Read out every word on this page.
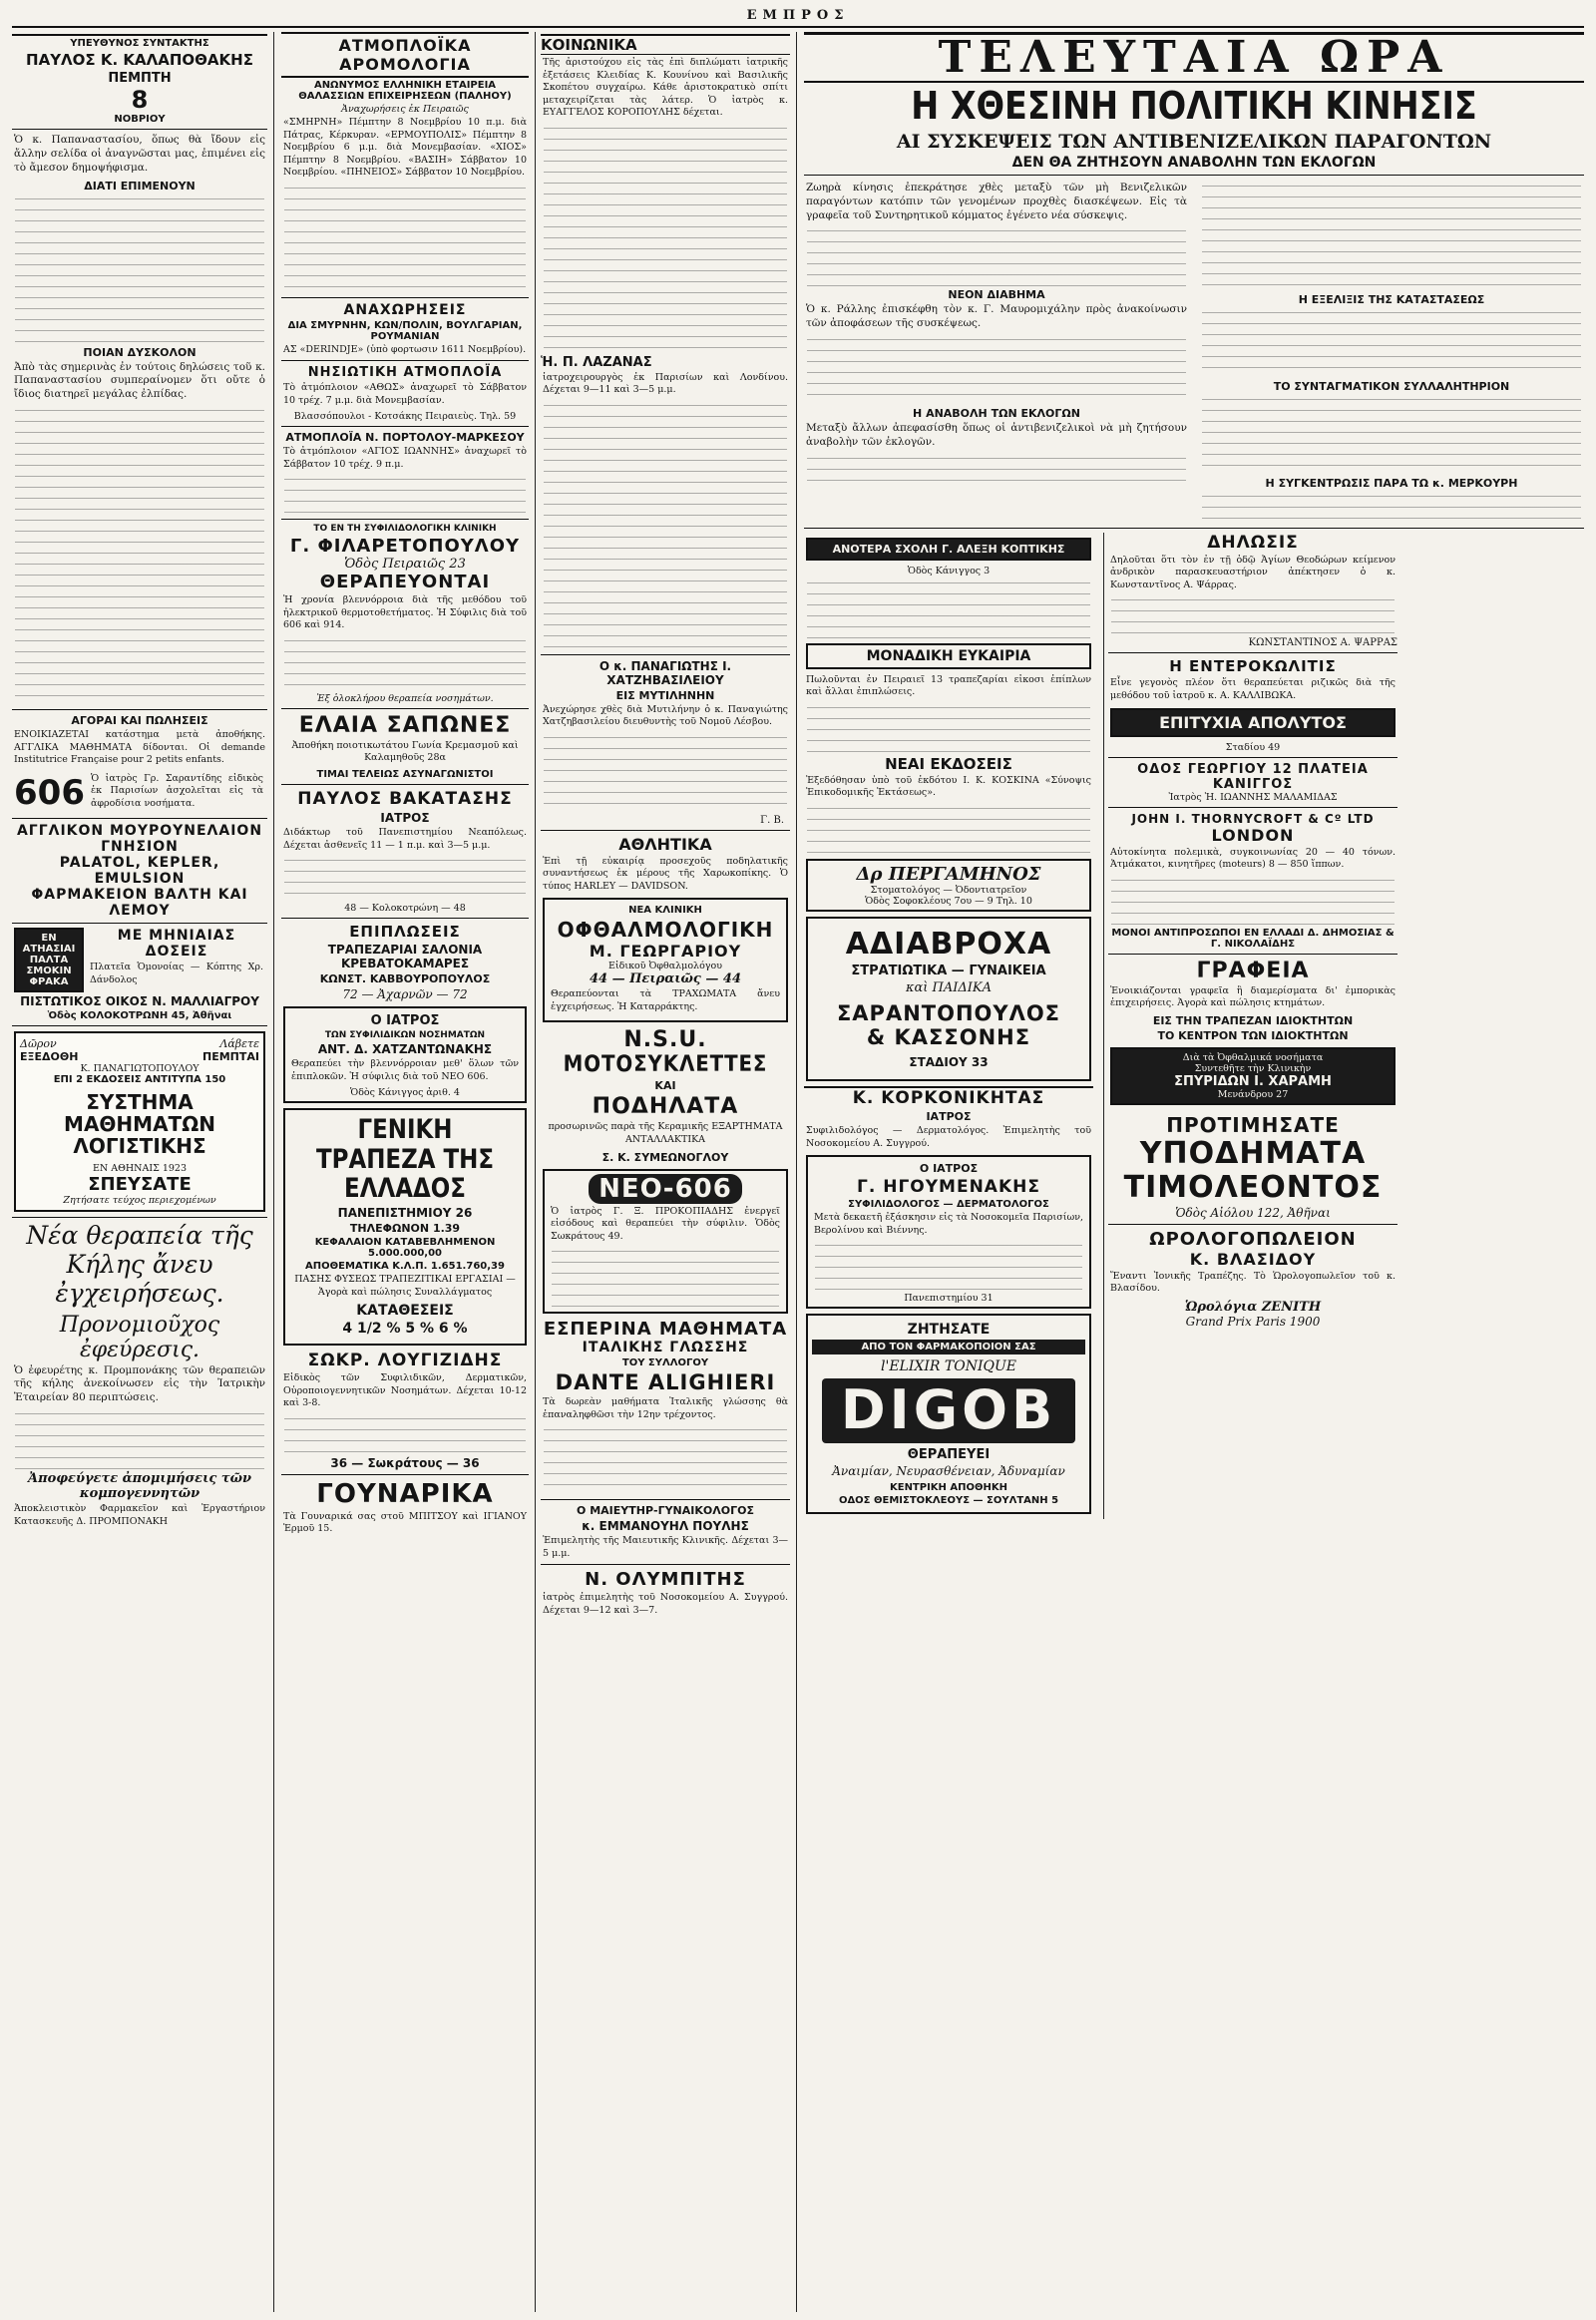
ΕΜΠΡΟΣ
ΥΠΕΥΘΥΝΟΣ ΣΥΝΤΑΚΤΗΣ
ΠΑΥΛΟΣ Κ. ΚΑΛΑΠΟΘΑΚΗΣ
ΠΕΜΠΤΗ
8
ΝΟΒΡΙΟΥ

Ὁ κ. Παπαναστασίου, ὅπως θὰ ἴδουν εἰς ἄλλην σελίδα οἱ ἀναγνῶσται μας, ἐπιμένει εἰς τὸ ἄμεσον δημοψήφισμα.

ΔΙΑΤΙ ΕΠΙΜΕΝΟΥΝ
ΠΟΙΑΝ ΔΥΣΚΟΛΟΝ

Ἀπὸ τὰς σημερινὰς ἐν τούτοις δηλώσεις τοῦ κ. Παπαναστασίου συμπεραίνομεν ὅτι οὔτε ὁ ἴδιος διατηρεῖ μεγάλας ἐλπίδας.

ΑΓΟΡΑΙ ΚΑΙ ΠΩΛΗΣΕΙΣ

ΕΝΟΙΚΙΑΖΕΤΑΙ κατάστημα μετὰ ἀποθήκης. ΑΓΓΛΙΚΑ ΜΑΘΗΜΑΤΑ δίδονται. Οἱ demande Institutrice Française pour 2 petits enfants.

606 Ὁ ἰατρὸς Γρ. Σαραντίδης εἰδικὸς ἐκ Παρισίων ἀσχολεῖται εἰς τὰ ἀφροδίσια νοσήματα.
ΑΓΓΛΙΚΟΝ ΜΟΥΡΟΥΝΕΛΑΙΟΝ ΓΝΗΣΙΟΝ
PALATOL, KEPLER, EMULSION
ΦΑΡΜΑΚΕΙΟΝ ΒΑΛΤΗ ΚΑΙ ΛΕΜΟΥ
ΕΝ ΑΤΗΑΣΙΑΙ ΠΑΛΤΑ ΣΜΟΚΙΝ ΦΡΑΚΑ
ΜΕ ΜΗΝΙΑΙΑΣ ΔΟΣΕΙΣ
Πλατεῖα Ὁμονοίας — Κόπτης Χρ. Δάνδολος
ΠΙΣΤΩΤΙΚΟΣ ΟΙΚΟΣ Ν. ΜΑΛΛΙΑΓΡΟΥ
Ὁδὸς ΚΟΛΟΚΟΤΡΩΝΗ 45, Ἀθῆναι
Δῶρον	Λάβετε
ΕΞΕΔΟΘΗ	ΠΕΜΠΤΑΙ
Κ. ΠΑΝΑΓΙΩΤΟΠΟΥΛΟΥ
ΕΠΙ 2 ΕΚΔΟΣΕΙΣ ΑΝΤΙΤΥΠΑ 150
ΣΥΣΤΗΜΑ ΜΑΘΗΜΑΤΩΝ ΛΟΓΙΣΤΙΚΗΣ
ΕΝ ΑΘΗΝΑΙΣ 1923
ΣΠΕΥΣΑΤΕ
Ζητήσατε τεύχος περιεχομένων
Νέα θεραπεία τῆς Κήλης ἄνευ ἐγχειρήσεως.
Προνομιοῦχος ἐφεύρεσις.

Ὁ ἐφευρέτης κ. Προμπονάκης τῶν θεραπειῶν τῆς κήλης ἀνεκοίνωσεν εἰς τὴν Ἰατρικὴν Ἑταιρείαν 80 περιπτώσεις.

Ἀποφεύγετε ἀπομιμήσεις τῶν κομπογεννητῶν

Ἀποκλειστικὸν Φαρμακεῖον καὶ Ἐργαστήριον Κατασκευῆς Δ. ΠΡΟΜΠΟΝΑΚΗ

ΑΤΜΟΠΛΟΪΚΑ ΑΡΟΜΟΛΟΓΙΑ
ΑΝΩΝΥΜΟΣ ΕΛΛΗΝΙΚΗ ΕΤΑΙΡΕΙΑ ΘΑΛΑΣΣΙΩΝ ΕΠΙΧΕΙΡΗΣΕΩΝ (ΠΑΛΗΟΥ)
Ἀναχωρήσεις ἐκ Πειραιῶς

«ΣΜΗΡΝΗ» Πέμπτην 8 Νοεμβρίου 10 π.μ. διὰ Πάτρας, Κέρκυραν. «ΕΡΜΟΥΠΟΛΙΣ» Πέμπτην 8 Νοεμβρίου 6 μ.μ. διὰ Μονεμβασίαν. «ΧΙΟΣ» Πέμπτην 8 Νοεμβρίου. «ΒΑΣΙΗ» Σάββατον 10 Νοεμβρίου. «ΠΗΝΕΙΟΣ» Σάββατον 10 Νοεμβρίου.

ΑΝΑΧΩΡΗΣΕΙΣ
ΔΙΑ ΣΜΥΡΝΗΝ, ΚΩΝ/ΠΟΛΙΝ, ΒΟΥΛΓΑΡΙΑΝ, ΡΟΥΜΑΝΙΑΝ

ΑΣ «DERINDJE» (ὑπὸ φορτωσιν 1611 Νοεμβρίου).

ΝΗΣΙΩΤΙΚΗ ΑΤΜΟΠΛΟΪΑ

Τὸ ἀτμόπλοιον «ΑΘΩΣ» ἀναχωρεῖ τὸ Σάββατον 10 τρέχ. 7 μ.μ. διὰ Μονεμβασίαν.

Βλασσόπουλοι - Κοτσάκης Πειραιεὺς. Τηλ. 59
ΑΤΜΟΠΛΟΪΑ Ν. ΠΟΡΤΟΛΟΥ-ΜΑΡΚΕΣΟΥ

Τὸ ἀτμόπλοιον «ΑΓΙΟΣ ΙΩΑΝΝΗΣ» ἀναχωρεῖ τὸ Σάββατον 10 τρέχ. 9 π.μ.

ΤΟ ΕΝ ΤΗ ΣΥΦΙΛΙΔΟΛΟΓΙΚΗ ΚΛΙΝΙΚΗ
Γ. ΦΙΛΑΡΕΤΟΠΟΥΛΟΥ
Ὁδὸς Πειραιῶς 23
ΘΕΡΑΠΕΥΟΝΤΑΙ

Ἡ χρονία βλεννόρροια διὰ τῆς μεθόδου τοῦ ἠλεκτρικοῦ θερμοτοθετήματος. Ἡ Σύφιλις διὰ τοῦ 606 καὶ 914.

Ἐξ ὁλοκλήρου θεραπεία νοσημάτων.
ΕΛΑΙΑ ΣΑΠΩΝΕΣ

Ἀποθήκη ποιοτικωτάτου Γωνία Κρεμασμοῦ καὶ Καλαμηθοῦς 28α

ΤΙΜΑΙ ΤΕΛΕΙΩΣ ΑΣΥΝΑΓΩΝΙΣΤΟΙ
ΠΑΥΛΟΣ ΒΑΚΑΤΑΣΗΣ
ΙΑΤΡΟΣ

Διδάκτωρ τοῦ Πανεπιστημίου Νεαπόλεως. Δέχεται ἀσθενεῖς 11 — 1 π.μ. καὶ 3—5 μ.μ.

48 — Κολοκοτρώνη — 48
ΕΠΙΠΛΩΣΕΙΣ
ΤΡΑΠΕΖΑΡΙΑΙ ΣΑΛΟΝΙΑ ΚΡΕΒΑΤΟΚΑΜΑΡΕΣ
ΚΩΝΣΤ. ΚΑΒΒΟΥΡΟΠΟΥΛΟΣ
72 — Ἀχαρνῶν — 72
Ο ΙΑΤΡΟΣ
ΤΩΝ ΣΥΦΙΛΙΔΙΚΩΝ ΝΟΣΗΜΑΤΩΝ
ΑΝΤ. Δ. ΧΑΤΖΑΝΤΩΝΑΚΗΣ

Θεραπεύει τὴν βλεννόρροιαν μεθ' ὅλων τῶν ἐπιπλοκῶν. Ἡ σύφιλις διὰ τοῦ ΝΕΟ 606.

Ὁδὸς Κάνιγγος ἀριθ. 4
ΓΕΝΙΚΗ ΤΡΑΠΕΖΑ ΤΗΣ ΕΛΛΑΔΟΣ
ΠΑΝΕΠΙΣΤΗΜΙΟΥ 26
ΤΗΛΕΦΩΝΟΝ 1.39
ΚΕΦΑΛΑΙΟΝ ΚΑΤΑΒΕΒΛΗΜΕΝΟΝ 5.000.000,00
ΑΠΟΘΕΜΑΤΙΚΑ Κ.Λ.Π. 1.651.760,39
ΠΑΣΗΣ ΦΥΣΕΩΣ ΤΡΑΠΕΖΙΤΙΚΑΙ ΕΡΓΑΣΙΑΙ — Ἀγορὰ καὶ πώλησις Συναλλάγματος
ΚΑΤΑΘΕΣΕΙΣ
4 1/2 % 5 % 6 %
ΣΩΚΡ. ΛΟΥΓΙΖΙΔΗΣ

Εἰδικὸς τῶν Συφιλιδικῶν, Δερματικῶν, Οὐροποιογεννητικῶν Νοσημάτων. Δέχεται 10-12 καὶ 3-8.

36 — Σωκράτους — 36
ΓΟΥΝΑΡΙΚΑ

Τὰ Γουναρικά σας στοῦ ΜΠΙΤΣΟΥ καὶ ΙΓΙΑΝΟΥ Ἑρμοῦ 15.

ΚΟΙΝΩΝΙΚΑ

Τῆς ἀριστούχου εἰς τὰς ἐπὶ διπλώματι ἰατρικῆς ἐξετάσεις Κλειδίας Κ. Κουνίνου καὶ Βασιλικῆς Σκοπέτου συγχαίρω. Κάθε ἀριστοκρατικὸ σπίτι μεταχειρίζεται τὰς λάτερ. Ὁ ἰατρὸς κ. ΕΥΑΓΓΕΛΟΣ ΚΟΡΟΠΟΥΛΗΣ δέχεται.

Ἡ. Π. ΛΑΖΑΝΑΣ

ἰατροχειρουργὸς ἐκ Παρισίων καὶ Λονδίνου. Δέχεται 9—11 καὶ 3—5 μ.μ.

Ο κ. ΠΑΝΑΓΙΩΤΗΣ Ι. ΧΑΤΖΗΒΑΣΙΛΕΙΟΥ
ΕΙΣ ΜΥΤΙΛΗΝΗΝ

Ἀνεχώρησε χθὲς διὰ Μυτιλήνην ὁ κ. Παναγιώτης Χατζηβασιλείου διευθυντὴς τοῦ Νομοῦ Λέσβου.

Γ. Β.
ΑΘΛΗΤΙΚΑ

Ἐπὶ τῇ εὐκαιρίᾳ προσεχοῦς ποδηλατικῆς συναντήσεως ἐκ μέρους τῆς Χαρωκοπίκης. Ὁ τύπος HARLEY — DAVIDSON.

ΝΕΑ ΚΛΙΝΙΚΗ
ΟΦΘΑΛΜΟΛΟΓΙΚΗ
Μ. ΓΕΩΡΓΑΡΙΟΥ
Εἰδικοῦ Ὀφθαλμολόγου
44 — Πειραιῶς — 44

Θεραπεύονται τὰ ΤΡΑΧΩΜΑΤΑ ἄνευ ἐγχειρήσεως. Ἡ Καταρράκτης.

N.S.U.
ΜΟΤΟΣΥΚΛΕΤΤΕΣ
ΚΑΙ
ΠΟΔΗΛΑΤΑ

προσωρινῶς παρὰ τῆς Κεραμικῆς ΕΞΑΡΤΗΜΑΤΑ ΑΝΤΑΛΛΑΚΤΙΚΑ

Σ. Κ. ΣΥΜΕΩΝΟΓΛΟΥ
ΝΕΟ-606

Ὁ ἰατρὸς Γ. Ξ. ΠΡΟΚΟΠΙΑΔΗΣ ἐνεργεῖ εἰσόδους καὶ θεραπεύει τὴν σύφιλιν. Ὁδὸς Σωκράτους 49.

ΕΣΠΕΡΙΝΑ ΜΑΘΗΜΑΤΑ
ΙΤΑΛΙΚΗΣ ΓΛΩΣΣΗΣ
ΤΟΥ ΣΥΛΛΟΓΟΥ
DANTE ALIGHIERI

Τὰ δωρεὰν μαθήματα Ἰταλικῆς γλώσσης θὰ ἐπαναληφθῶσι τὴν 12ην τρέχοντος.

Ο ΜΑΙΕΥΤΗΡ-ΓΥΝΑΙΚΟΛΟΓΟΣ
κ. ΕΜΜΑΝΟΥΗΛ ΠΟΥΛΗΣ

Ἐπιμελητὴς τῆς Μαιευτικῆς Κλινικῆς. Δέχεται 3—5 μ.μ.

Ν. ΟΛΥΜΠΙΤΗΣ

ἰατρὸς ἐπιμελητὴς τοῦ Νοσοκομείου Α. Συγγρού. Δέχεται 9—12 καὶ 3—7.

ΤΕΛΕΥΤΑΙΑ ΩΡΑ
Η ΧΘΕΣΙΝΗ ΠΟΛΙΤΙΚΗ ΚΙΝΗΣΙΣ
ΑΙ ΣΥΣΚΕΨΕΙΣ ΤΩΝ ΑΝΤΙΒΕΝΙΖΕΛΙΚΩΝ ΠΑΡΑΓΟΝΤΩΝ
ΔΕΝ ΘΑ ΖΗΤΗΣΟΥΝ ΑΝΑΒΟΛΗΝ ΤΩΝ ΕΚΛΟΓΩΝ

Ζωηρὰ κίνησις ἐπεκράτησε χθὲς μεταξὺ τῶν μὴ Βενιζελικῶν παραγόντων κατόπιν τῶν γενομένων προχθὲς διασκέψεων. Εἰς τὰ γραφεῖα τοῦ Συντηρητικοῦ κόμματος ἐγένετο νέα σύσκεψις.

ΝΕΟΝ ΔΙΑΒΗΜΑ

Ὁ κ. Ράλλης ἐπισκέφθη τὸν κ. Γ. Μαυρομιχάλην πρὸς ἀνακοίνωσιν τῶν ἀποφάσεων τῆς συσκέψεως.

Η ΑΝΑΒΟΛΗ ΤΩΝ ΕΚΛΟΓΩΝ

Μεταξὺ ἄλλων ἀπεφασίσθη ὅπως οἱ ἀντιβενιζελικοὶ νὰ μὴ ζητήσουν ἀναβολὴν τῶν ἐκλογῶν.

Η ΕΞΕΛΙΞΙΣ ΤΗΣ ΚΑΤΑΣΤΑΣΕΩΣ
ΤΟ ΣΥΝΤΑΓΜΑΤΙΚΟΝ ΣΥΛΛΑΛΗΤΗΡΙΟΝ
Η ΣΥΓΚΕΝΤΡΩΣΙΣ ΠΑΡΑ ΤΩ κ. ΜΕΡΚΟΥΡΗ
ΑΝΟΤΕΡΑ ΣΧΟΛΗ Γ. ΑΛΕΞΗ ΚΟΠΤΙΚΗΣ
Ὁδὸς Κάνιγγος 3
ΜΟΝΑΔΙΚΗ ΕΥΚΑΙΡΙΑ

Πωλοῦνται ἐν Πειραιεῖ 13 τραπεζαρίαι εἰκοσι ἐπίπλων καὶ ἄλλαι ἐπιπλώσεις.

ΝΕΑΙ ΕΚΔΟΣΕΙΣ

Ἐξεδόθησαν ὑπὸ τοῦ ἐκδότου Ι. Κ. ΚΟΣΚΙΝΑ «Σύνοψις Ἐπικοδομικῆς Ἐκτάσεως».

Δρ ΠΕΡΓΑΜΗΝΟΣ
Στοματολόγος — Ὀδοντιατρεῖον
Ὁδὸς Σοφοκλέους 7ου — 9 Τηλ. 10
ΑΔΙΑΒΡΟΧΑ
ΣΤΡΑΤΙΩΤΙΚΑ — ΓΥΝΑΙΚΕΙΑ
καὶ ΠΑΙΔΙΚΑ
ΣΑΡΑΝΤΟΠΟΥΛΟΣ
& ΚΑΣΣΟΝΗΣ
ΣΤΑΔΙΟΥ 33
Κ. ΚΟΡΚΟΝΙΚΗΤΑΣ
ΙΑΤΡΟΣ

Συφιλιδολόγος — Δερματολόγος. Ἐπιμελητὴς τοῦ Νοσοκομείου Α. Συγγρού.

Ο ΙΑΤΡΟΣ
Γ. ΗΓΟΥΜΕΝΑΚΗΣ
ΣΥΦΙΛΙΔΟΛΟΓΟΣ — ΔΕΡΜΑΤΟΛΟΓΟΣ

Μετὰ δεκαετῆ ἐξάσκησιν εἰς τὰ Νοσοκομεῖα Παρισίων, Βερολίνου καὶ Βιέννης.

Πανεπιστημίου 31
ΖΗΤΗΣΑΤΕ
ΑΠΟ ΤΟΝ ΦΑΡΜΑΚΟΠΟΙΟΝ ΣΑΣ
l'ELIXIR TONIQUE
DIGOB
ΘΕΡΑΠΕΥΕΙ
Ἀναιμίαν, Νευρασθένειαν, Ἀδυναμίαν
ΚΕΝΤΡΙΚΗ ΑΠΟΘΗΚΗ
ΟΔΟΣ ΘΕΜΙΣΤΟΚΛΕΟΥΣ — ΣΟΥΛΤΑΝΗ 5
ΔΗΛΩΣΙΣ

Δηλοῦται ὅτι τὸν ἐν τῇ ὁδῷ Ἀγίων Θεοδώρων κείμενον ἀνδρικὸν παρασκευαστήριον ἀπέκτησεν ὁ κ. Κωνσταντῖνος Α. Ψάρρας.

ΚΩΝΣΤΑΝΤΙΝΟΣ Α. ΨΑΡΡΑΣ
Η ΕΝΤΕΡΟΚΩΛΙΤΙΣ

Εἶνε γεγονὸς πλέον ὅτι θεραπεύεται ριζικῶς διὰ τῆς μεθόδου τοῦ ἰατροῦ κ. Α. ΚΑΛΛΙΒΩΚΑ.

ΕΠΙΤΥΧΙΑ ΑΠΟΛΥΤΟΣ
Σταδίου 49
ΟΔΟΣ ΓΕΩΡΓΙΟΥ 12 ΠΛΑΤΕΙΑ ΚΑΝΙΓΓΟΣ
Ἰατρὸς Ἡ. ΙΩΑΝΝΗΣ ΜΑΛΑΜΙΔΑΣ
JOHN I. THORNYCROFT & Cº LTD
LONDON

Αὐτοκίνητα πολεμικὰ, συγκοινωνίας 20 — 40 τόνων. Ἀτμάκατοι, κινητῆρες (moteurs) 8 — 850 ἵππων.

ΜΟΝΟΙ ΑΝΤΙΠΡΟΣΩΠΟΙ ΕΝ ΕΛΛΑΔΙ Δ. ΔΗΜΟΣΙΑΣ & Γ. ΝΙΚΟΛΑΪΔΗΣ
ΓΡΑΦΕΙΑ

Ἐνοικιάζονται γραφεῖα ἢ διαμερίσματα δι' ἐμπορικὰς ἐπιχειρήσεις. Ἀγορὰ καὶ πώλησις κτημάτων.

ΕΙΣ ΤΗΝ ΤΡΑΠΕΖΑΝ ΙΔΙΟΚΤΗΤΩΝ
ΤΟ ΚΕΝΤΡΟΝ ΤΩΝ ΙΔΙΟΚΤΗΤΩΝ
Διὰ τὰ Ὀφθαλμικά νοσήματα
Συντεθῆτε τὴν Κλινικὴν
ΣΠΥΡΙΔΩΝ Ι. ΧΑΡΑΜΗ
Μενάνδρου 27
ΠΡΟΤΙΜΗΣΑΤΕ
ΥΠΟΔΗΜΑΤΑ ΤΙΜΟΛΕΟΝΤΟΣ
Ὁδὸς Αἰόλου 122, Ἀθῆναι
ΩΡΟΛΟΓΟΠΩΛΕΙΟΝ
Κ. ΒΛΑΣΙΔΟΥ

Ἔναντι Ἰονικῆς Τραπέζης. Τὸ Ὡρολογοπωλεῖον τοῦ κ. Βλασίδου.

Ὡρολόγια ZENITH
Grand Prix Paris 1900
